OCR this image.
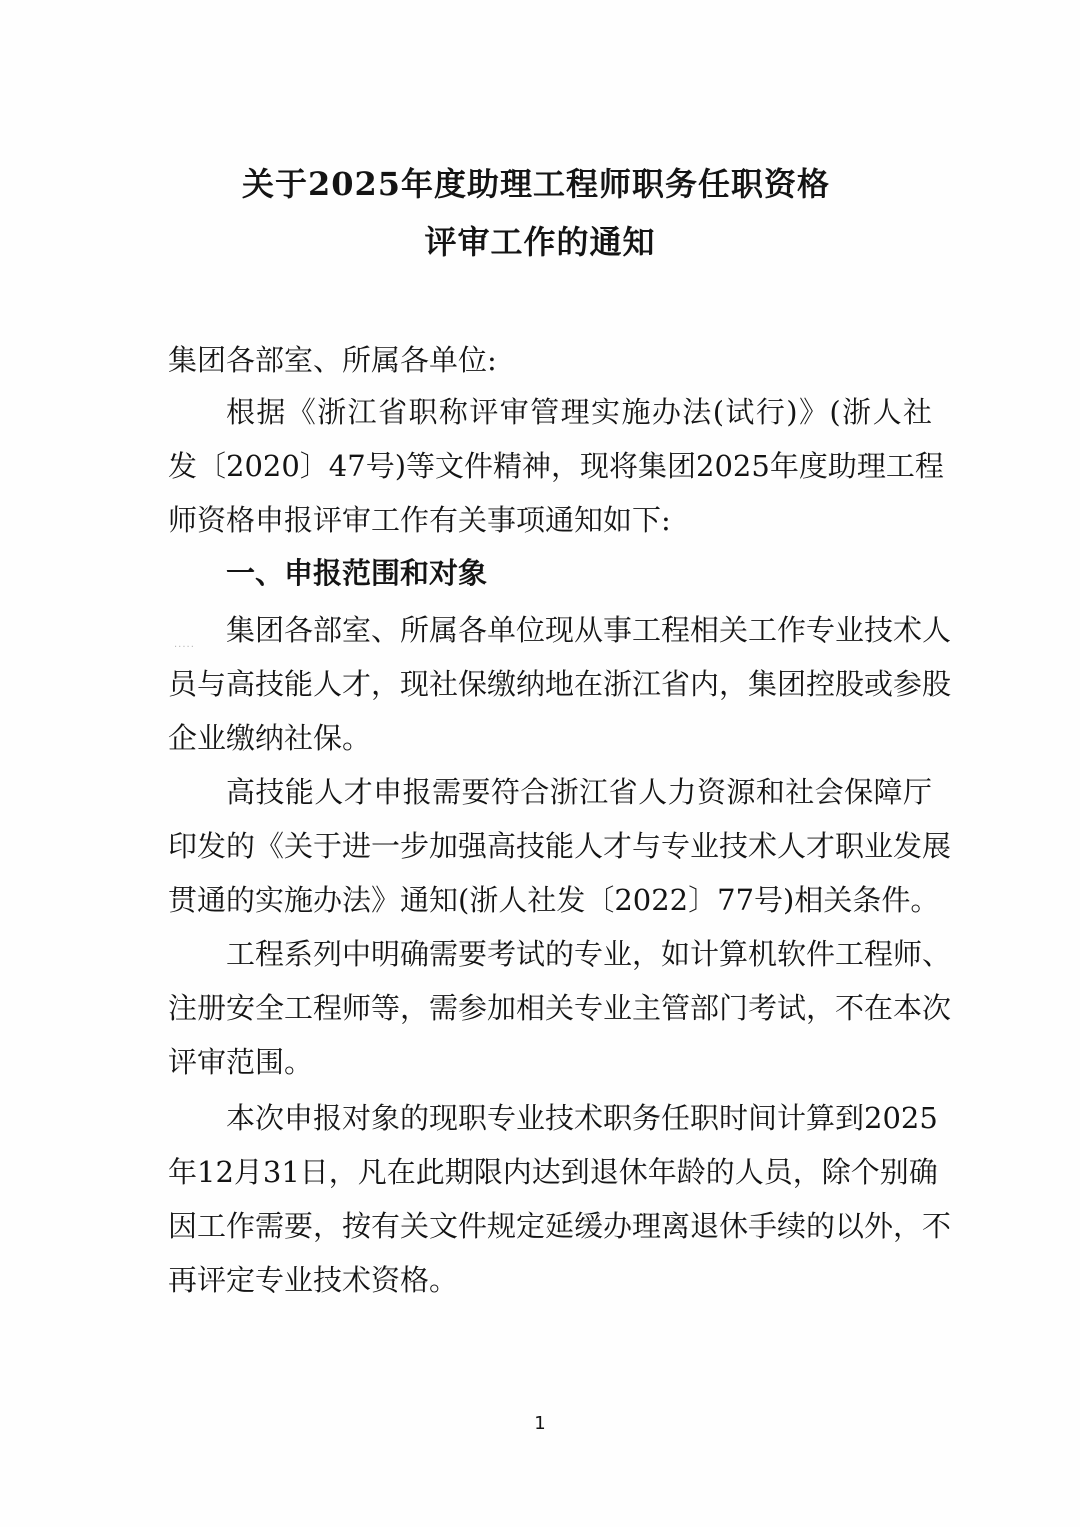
关于2025年度助理工程师职务任职资格
评审工作的通知
集团各部室、所属各单位:
根据《浙江省职称评审管理实施办法(试行)》(浙人社
发〔2020〕47号)等文件精神，现将集团2025年度助理工程
师资格申报评审工作有关事项通知如下:
一、申报范围和对象
..... 集团各部室、所属各单位现从事工程相关工作专业技术人
员与高技能人才，现社保缴纳地在浙江省内，集团控股或参股
企业缴纳社保。
高技能人才申报需要符合浙江省人力资源和社会保障厅
印发的《关于进一步加强高技能人才与专业技术人才职业发展
贯通的实施办法》通知(浙人社发〔2022〕77号)相关条件。
工程系列中明确需要考试的专业，如计算机软件工程师、
注册安全工程师等，需参加相关专业主管部门考试，不在本次
评审范围。
本次申报对象的现职专业技术职务任职时间计算到2025
年12月31日，凡在此期限内达到退休年龄的人员，除个别确
因工作需要，按有关文件规定延缓办理离退休手续的以外，不
再评定专业技术资格。
1
